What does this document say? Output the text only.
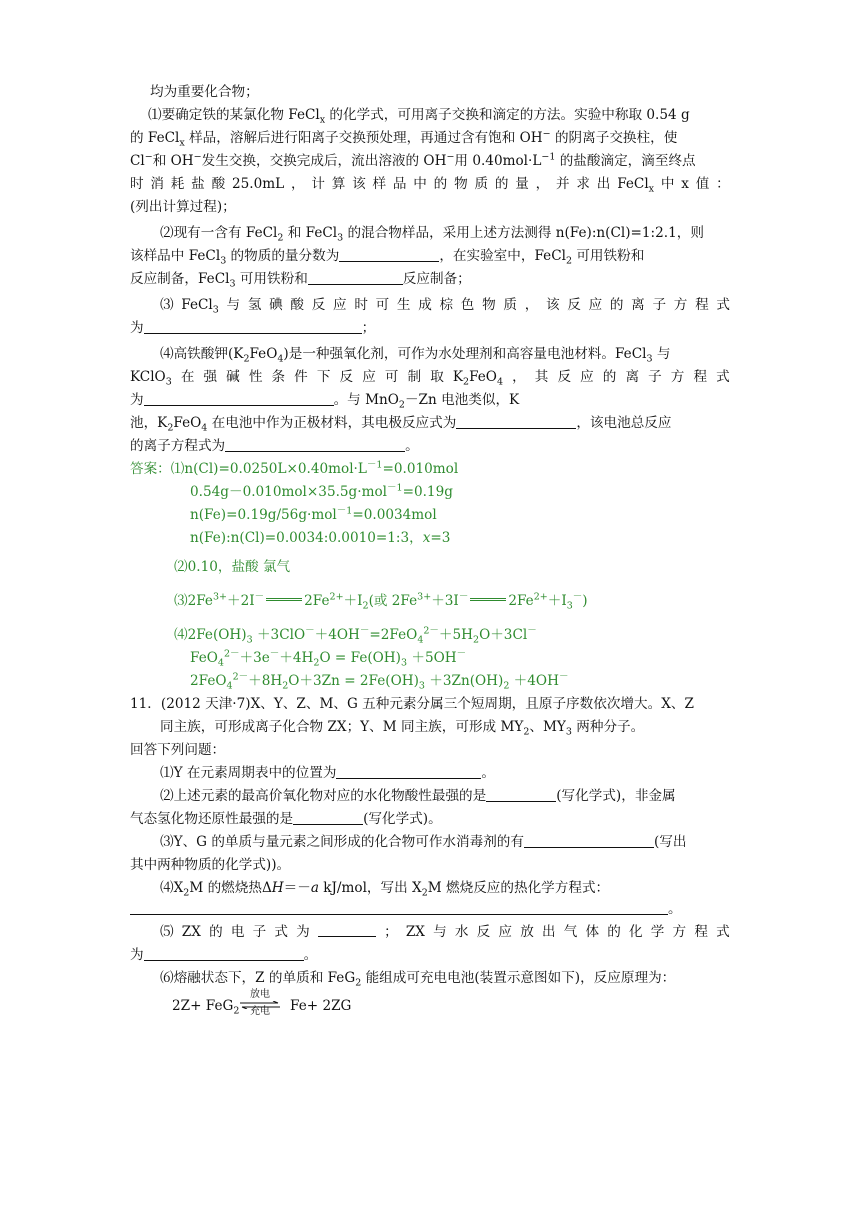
均为重要化合物；
⑴要确定铁的某氯化物 FeCl$_x$ 的化学式，可用离子交换和滴定的方法。实验中称取 0.54 g
的 FeCl$_x$ 样品，溶解后进行阳离子交换预处理，再通过含有饱和 OH− 的阴离子交换柱，使
Cl−和 OH−发生交换，交换完成后，流出溶液的 OH−用 $0.40mol\cdot L^{-1}$ 的盐酸滴定，滴至终点
时 消 耗 盐 酸 25.0mL ， 计 算 该 样 品 中 的 物 质 的 量 ， 并 求 出 FeCl$_x$ 中 x 值 ：
(列出计算过程)；
⑵现有一含有 FeCl$_2$ 和 FeCl$_3$ 的混合物样品，采用上述方法测得 n(Fe):n(Cl)=1:2.1，则
该样品中 FeCl$_3$ 的物质的量分数为	，在实验室中，FeCl$_2$ 可用铁粉和
反应制备，FeCl$_3$ 可用铁粉和	反应制备；
⑶ FeCl$_3$ 与 氢 碘 酸 反 应 时 可 生 成 棕 色 物 质 ， 该 反 应 的 离 子 方 程 式
为	；
⑷高铁酸钾$(K_2FeO_4)$是一种强氧化剂，可作为水处理剂和高容量电池材料。FeCl$_3$ 与
KClO$_3$ 在 强 碱 性 条 件 下 反 应 可 制 取 $K_2FeO_4$ ， 其 反 应 的 离 子 方 程 式
为	。与 MnO$_2$－Zn 电池类似，K
池，$K_2FeO_4$ 在电池中作为正极材料，其电极反应式为	，该电池总反应
的离子方程式为	。
答案：$⑴n(Cl)=0.0250L\times 0.40mol\cdot L^{-1}=0.010mol$
0.54g－0.010mol×35.5g·mol$^{-1}$=0.19g
n(Fe)=0.19g/56g·mol$^{-1}$=0.0034mol
n(Fe):n(Cl)=0.0034:0.0010=1:3，x=3
⑵0.10，盐酸 氯气
$⑶2Fe^{3+}+2I^-$	$2Fe^{2+}+I_2$(或 $2Fe^{3+}+3I^-$	$2Fe^{2+}+I_3^-$)
$⑷2Fe(OH)_3 +3ClO^-+4OH^-=2FeO_4^{2-}+5H_2O+3Cl^-$
$FeO_4^{2-}+3e^-+4H_2O = Fe(OH)_3 +5OH^-$
$2FeO_4^{2-}+8H_2O+3Zn = 2Fe(OH)_3 +3Zn(OH)_2 +4OH^-$
11．(2012 天津·7)X、Y、Z、M、G 五种元素分属三个短周期，且原子序数依次增大。X、Z
同主族，可形成离子化合物 ZX；Y、M 同主族，可形成 $MY_2$、$MY_3$ 两种分子。
回答下列问题：
⑴Y 在元素周期表中的位置为	。
⑵上述元素的最高价氧化物对应的水化物酸性最强的是	(写化学式)，非金属
气态氢化物还原性最强的是	(写化学式)。
⑶Y、G 的单质与量元素之间形成的化合物可作水消毒剂的有	(写出
其中两种物质的化学式))。
$⑷X_2M$ 的燃烧热ΔH＝－a kJ/mol，写出 $X_2M$ 燃烧反应的热化学方程式：
。
⑸ ZX 的 电 子 式 为	； ZX 与 水 反 应 放 出 气 体 的 化 学 方 程 式
为	。
⑹熔融状态下，Z 的单质和 FeG$_2$ 能组成可充电电池(装置示意图如下)，反应原理为：
2Z+ FeG$_2$
放电
充电	Fe+ 2ZG
